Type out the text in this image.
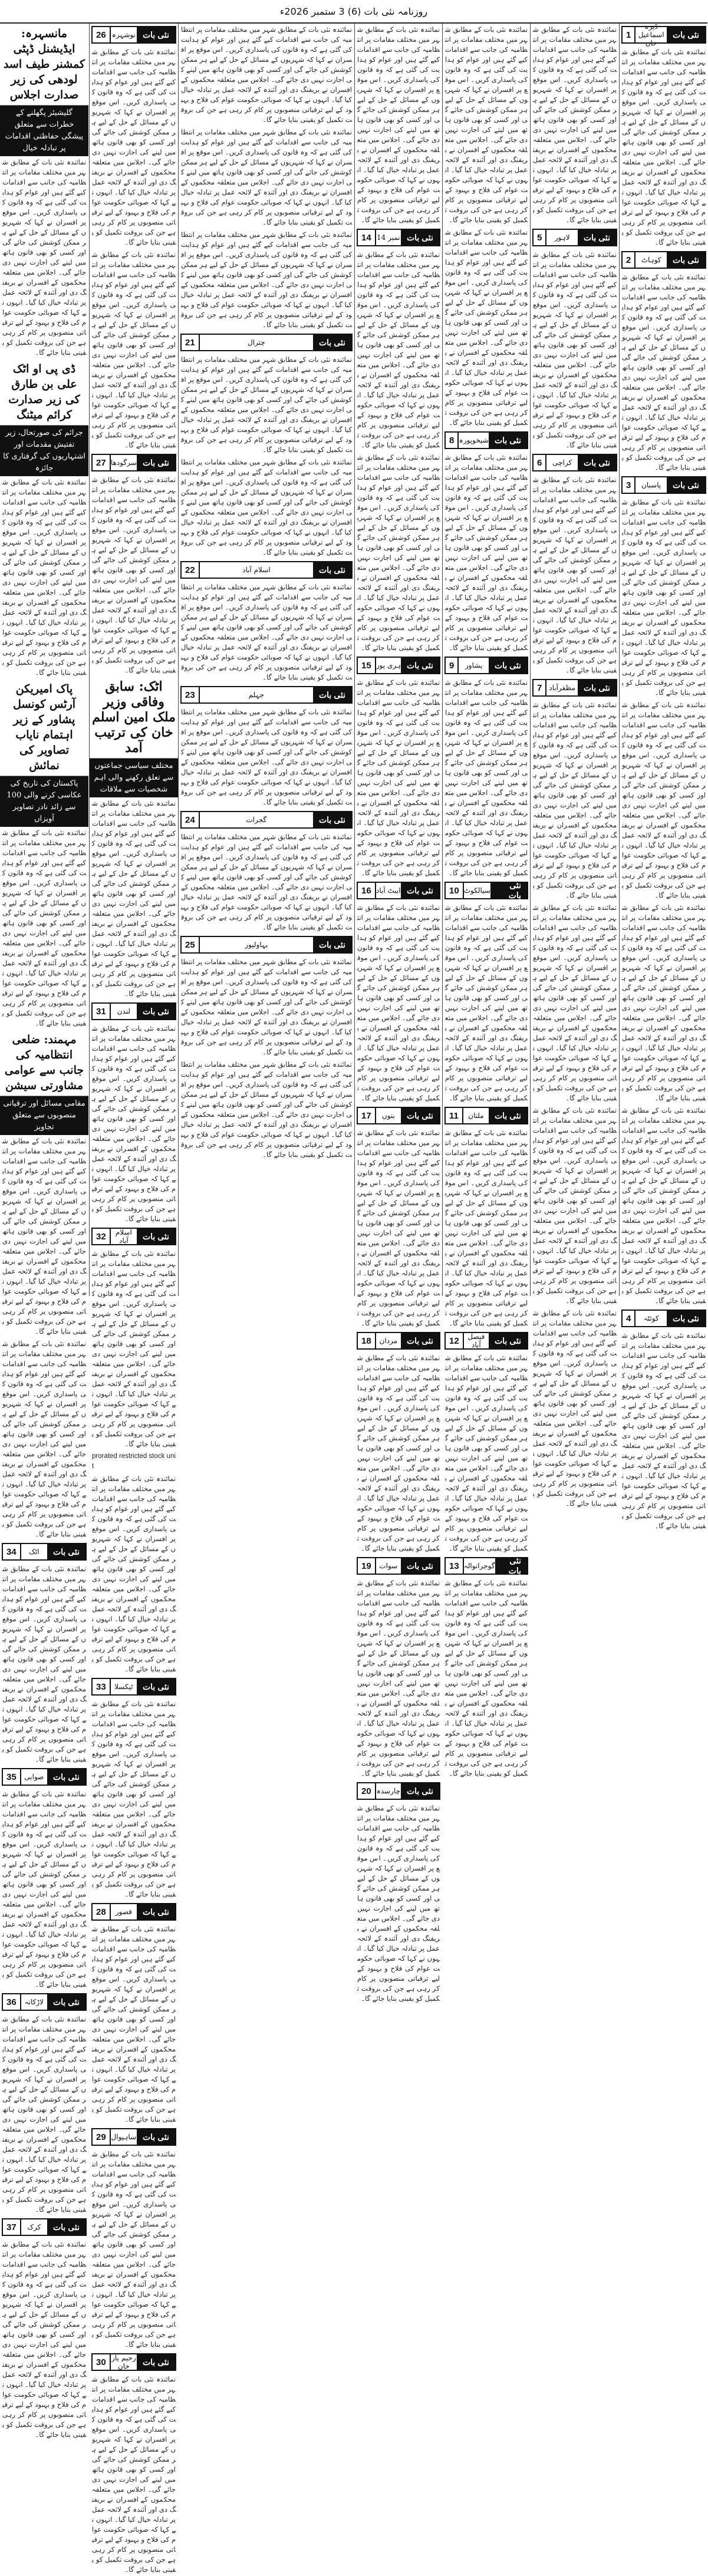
روزنامہ نئی بات (6) 3 ستمبر 2026ء
مانسہرہ: ایڈیشنل ڈپٹی کمشنر طیف اسد لودھی کی زیر صدارت اجلاس
گلیشیئر پگھلنے کے خطرات سے متعلق پیشگی حفاظتی اقدامات پر تبادلہ خیال
نمائندہ نئی بات کے مطابق شہر میں مختلف مقامات پر انتظامیہ کی جانب سے اقدامات کیے گئے ہیں اور عوام کو ہدایت کی گئی ہے کہ وہ قانون کی پاسداری کریں۔ اس موقع پر افسران نے کہا کہ شہریوں کے مسائل کے حل کے لیے ہر ممکن کوشش کی جائے گی اور کسی کو بھی قانون ہاتھ میں لینے کی اجازت نہیں دی جائے گی۔ اجلاس میں متعلقہ محکموں کے افسران نے بریفنگ دی اور آئندہ کے لائحہ عمل پر تبادلہ خیال کیا گیا۔ انہوں نے کہا کہ صوبائی حکومت عوام کی فلاح و بہبود کے لیے ترقیاتی منصوبوں پر کام کر رہی ہے جن کی بروقت تکمیل کو یقینی بنایا جائے گا۔
ڈی پی او اٹک علی بن طارق کی زیر صدارت کرائم میٹنگ
جرائم کی صورتحال، زیر تفتیش مقدمات اور اشتہاریوں کی گرفتاری کا جائزہ
نمائندہ نئی بات کے مطابق شہر میں مختلف مقامات پر انتظامیہ کی جانب سے اقدامات کیے گئے ہیں اور عوام کو ہدایت کی گئی ہے کہ وہ قانون کی پاسداری کریں۔ اس موقع پر افسران نے کہا کہ شہریوں کے مسائل کے حل کے لیے ہر ممکن کوشش کی جائے گی اور کسی کو بھی قانون ہاتھ میں لینے کی اجازت نہیں دی جائے گی۔ اجلاس میں متعلقہ محکموں کے افسران نے بریفنگ دی اور آئندہ کے لائحہ عمل پر تبادلہ خیال کیا گیا۔ انہوں نے کہا کہ صوبائی حکومت عوام کی فلاح و بہبود کے لیے ترقیاتی منصوبوں پر کام کر رہی ہے جن کی بروقت تکمیل کو یقینی بنایا جائے گا۔
پاک امیریکن آرٹس کونسل پشاور کے زیر اہتمام نایاب تصاویر کی نمائش
پاکستان کی تاریخ کی عکاسی کرنے والی 100 سے زائد نادر تصاویر آویزاں
نمائندہ نئی بات کے مطابق شہر میں مختلف مقامات پر انتظامیہ کی جانب سے اقدامات کیے گئے ہیں اور عوام کو ہدایت کی گئی ہے کہ وہ قانون کی پاسداری کریں۔ اس موقع پر افسران نے کہا کہ شہریوں کے مسائل کے حل کے لیے ہر ممکن کوشش کی جائے گی اور کسی کو بھی قانون ہاتھ میں لینے کی اجازت نہیں دی جائے گی۔ اجلاس میں متعلقہ محکموں کے افسران نے بریفنگ دی اور آئندہ کے لائحہ عمل پر تبادلہ خیال کیا گیا۔ انہوں نے کہا کہ صوبائی حکومت عوام کی فلاح و بہبود کے لیے ترقیاتی منصوبوں پر کام کر رہی ہے جن کی بروقت تکمیل کو یقینی بنایا جائے گا۔
مہمند: ضلعی انتظامیہ کی جانب سے عوامی مشاورتی سیشن
مقامی مسائل اور ترقیاتی منصوبوں سے متعلق تجاویز
نمائندہ نئی بات کے مطابق شہر میں مختلف مقامات پر انتظامیہ کی جانب سے اقدامات کیے گئے ہیں اور عوام کو ہدایت کی گئی ہے کہ وہ قانون کی پاسداری کریں۔ اس موقع پر افسران نے کہا کہ شہریوں کے مسائل کے حل کے لیے ہر ممکن کوشش کی جائے گی اور کسی کو بھی قانون ہاتھ میں لینے کی اجازت نہیں دی جائے گی۔ اجلاس میں متعلقہ محکموں کے افسران نے بریفنگ دی اور آئندہ کے لائحہ عمل پر تبادلہ خیال کیا گیا۔ انہوں نے کہا کہ صوبائی حکومت عوام کی فلاح و بہبود کے لیے ترقیاتی منصوبوں پر کام کر رہی ہے جن کی بروقت تکمیل کو یقینی بنایا جائے گا۔
نمائندہ نئی بات کے مطابق شہر میں مختلف مقامات پر انتظامیہ کی جانب سے اقدامات کیے گئے ہیں اور عوام کو ہدایت کی گئی ہے کہ وہ قانون کی پاسداری کریں۔ اس موقع پر افسران نے کہا کہ شہریوں کے مسائل کے حل کے لیے ہر ممکن کوشش کی جائے گی اور کسی کو بھی قانون ہاتھ میں لینے کی اجازت نہیں دی جائے گی۔ اجلاس میں متعلقہ محکموں کے افسران نے بریفنگ دی اور آئندہ کے لائحہ عمل پر تبادلہ خیال کیا گیا۔ انہوں نے کہا کہ صوبائی حکومت عوام کی فلاح و بہبود کے لیے ترقیاتی منصوبوں پر کام کر رہی ہے جن کی بروقت تکمیل کو یقینی بنایا جائے گا۔
نئی بات
اٹک
34
نمائندہ نئی بات کے مطابق شہر میں مختلف مقامات پر انتظامیہ کی جانب سے اقدامات کیے گئے ہیں اور عوام کو ہدایت کی گئی ہے کہ وہ قانون کی پاسداری کریں۔ اس موقع پر افسران نے کہا کہ شہریوں کے مسائل کے حل کے لیے ہر ممکن کوشش کی جائے گی اور کسی کو بھی قانون ہاتھ میں لینے کی اجازت نہیں دی جائے گی۔ اجلاس میں متعلقہ محکموں کے افسران نے بریفنگ دی اور آئندہ کے لائحہ عمل پر تبادلہ خیال کیا گیا۔ انہوں نے کہا کہ صوبائی حکومت عوام کی فلاح و بہبود کے لیے ترقیاتی منصوبوں پر کام کر رہی ہے جن کی بروقت تکمیل کو یقینی بنایا جائے گا۔
نئی بات
صوابی
35
نمائندہ نئی بات کے مطابق شہر میں مختلف مقامات پر انتظامیہ کی جانب سے اقدامات کیے گئے ہیں اور عوام کو ہدایت کی گئی ہے کہ وہ قانون کی پاسداری کریں۔ اس موقع پر افسران نے کہا کہ شہریوں کے مسائل کے حل کے لیے ہر ممکن کوشش کی جائے گی اور کسی کو بھی قانون ہاتھ میں لینے کی اجازت نہیں دی جائے گی۔ اجلاس میں متعلقہ محکموں کے افسران نے بریفنگ دی اور آئندہ کے لائحہ عمل پر تبادلہ خیال کیا گیا۔ انہوں نے کہا کہ صوبائی حکومت عوام کی فلاح و بہبود کے لیے ترقیاتی منصوبوں پر کام کر رہی ہے جن کی بروقت تکمیل کو یقینی بنایا جائے گا۔
نئی بات
لاڑکانہ
36
نمائندہ نئی بات کے مطابق شہر میں مختلف مقامات پر انتظامیہ کی جانب سے اقدامات کیے گئے ہیں اور عوام کو ہدایت کی گئی ہے کہ وہ قانون کی پاسداری کریں۔ اس موقع پر افسران نے کہا کہ شہریوں کے مسائل کے حل کے لیے ہر ممکن کوشش کی جائے گی اور کسی کو بھی قانون ہاتھ میں لینے کی اجازت نہیں دی جائے گی۔ اجلاس میں متعلقہ محکموں کے افسران نے بریفنگ دی اور آئندہ کے لائحہ عمل پر تبادلہ خیال کیا گیا۔ انہوں نے کہا کہ صوبائی حکومت عوام کی فلاح و بہبود کے لیے ترقیاتی منصوبوں پر کام کر رہی ہے جن کی بروقت تکمیل کو یقینی بنایا جائے گا۔
نئی بات
کرک
37
نمائندہ نئی بات کے مطابق شہر میں مختلف مقامات پر انتظامیہ کی جانب سے اقدامات کیے گئے ہیں اور عوام کو ہدایت کی گئی ہے کہ وہ قانون کی پاسداری کریں۔ اس موقع پر افسران نے کہا کہ شہریوں کے مسائل کے حل کے لیے ہر ممکن کوشش کی جائے گی اور کسی کو بھی قانون ہاتھ میں لینے کی اجازت نہیں دی جائے گی۔ اجلاس میں متعلقہ محکموں کے افسران نے بریفنگ دی اور آئندہ کے لائحہ عمل پر تبادلہ خیال کیا گیا۔ انہوں نے کہا کہ صوبائی حکومت عوام کی فلاح و بہبود کے لیے ترقیاتی منصوبوں پر کام کر رہی ہے جن کی بروقت تکمیل کو یقینی بنایا جائے گا۔
نئی بات
نوشہرہ
26
نمائندہ نئی بات کے مطابق شہر میں مختلف مقامات پر انتظامیہ کی جانب سے اقدامات کیے گئے ہیں اور عوام کو ہدایت کی گئی ہے کہ وہ قانون کی پاسداری کریں۔ اس موقع پر افسران نے کہا کہ شہریوں کے مسائل کے حل کے لیے ہر ممکن کوشش کی جائے گی اور کسی کو بھی قانون ہاتھ میں لینے کی اجازت نہیں دی جائے گی۔ اجلاس میں متعلقہ محکموں کے افسران نے بریفنگ دی اور آئندہ کے لائحہ عمل پر تبادلہ خیال کیا گیا۔ انہوں نے کہا کہ صوبائی حکومت عوام کی فلاح و بہبود کے لیے ترقیاتی منصوبوں پر کام کر رہی ہے جن کی بروقت تکمیل کو یقینی بنایا جائے گا۔
نمائندہ نئی بات کے مطابق شہر میں مختلف مقامات پر انتظامیہ کی جانب سے اقدامات کیے گئے ہیں اور عوام کو ہدایت کی گئی ہے کہ وہ قانون کی پاسداری کریں۔ اس موقع پر افسران نے کہا کہ شہریوں کے مسائل کے حل کے لیے ہر ممکن کوشش کی جائے گی اور کسی کو بھی قانون ہاتھ میں لینے کی اجازت نہیں دی جائے گی۔ اجلاس میں متعلقہ محکموں کے افسران نے بریفنگ دی اور آئندہ کے لائحہ عمل پر تبادلہ خیال کیا گیا۔ انہوں نے کہا کہ صوبائی حکومت عوام کی فلاح و بہبود کے لیے ترقیاتی منصوبوں پر کام کر رہی ہے جن کی بروقت تکمیل کو یقینی بنایا جائے گا۔
نئی بات
سرگودھا
27
نمائندہ نئی بات کے مطابق شہر میں مختلف مقامات پر انتظامیہ کی جانب سے اقدامات کیے گئے ہیں اور عوام کو ہدایت کی گئی ہے کہ وہ قانون کی پاسداری کریں۔ اس موقع پر افسران نے کہا کہ شہریوں کے مسائل کے حل کے لیے ہر ممکن کوشش کی جائے گی اور کسی کو بھی قانون ہاتھ میں لینے کی اجازت نہیں دی جائے گی۔ اجلاس میں متعلقہ محکموں کے افسران نے بریفنگ دی اور آئندہ کے لائحہ عمل پر تبادلہ خیال کیا گیا۔ انہوں نے کہا کہ صوبائی حکومت عوام کی فلاح و بہبود کے لیے ترقیاتی منصوبوں پر کام کر رہی ہے جن کی بروقت تکمیل کو یقینی بنایا جائے گا۔
اٹک: سابق وفاقی وزیر ملک امین اسلم خان کی ترتیب آمد
مختلف سیاسی جماعتوں سے تعلق رکھنے والی اہم شخصیات سے ملاقات
نمائندہ نئی بات کے مطابق شہر میں مختلف مقامات پر انتظامیہ کی جانب سے اقدامات کیے گئے ہیں اور عوام کو ہدایت کی گئی ہے کہ وہ قانون کی پاسداری کریں۔ اس موقع پر افسران نے کہا کہ شہریوں کے مسائل کے حل کے لیے ہر ممکن کوشش کی جائے گی اور کسی کو بھی قانون ہاتھ میں لینے کی اجازت نہیں دی جائے گی۔ اجلاس میں متعلقہ محکموں کے افسران نے بریفنگ دی اور آئندہ کے لائحہ عمل پر تبادلہ خیال کیا گیا۔ انہوں نے کہا کہ صوبائی حکومت عوام کی فلاح و بہبود کے لیے ترقیاتی منصوبوں پر کام کر رہی ہے جن کی بروقت تکمیل کو یقینی بنایا جائے گا۔
نئی بات
لندن
31
نمائندہ نئی بات کے مطابق شہر میں مختلف مقامات پر انتظامیہ کی جانب سے اقدامات کیے گئے ہیں اور عوام کو ہدایت کی گئی ہے کہ وہ قانون کی پاسداری کریں۔ اس موقع پر افسران نے کہا کہ شہریوں کے مسائل کے حل کے لیے ہر ممکن کوشش کی جائے گی اور کسی کو بھی قانون ہاتھ میں لینے کی اجازت نہیں دی جائے گی۔ اجلاس میں متعلقہ محکموں کے افسران نے بریفنگ دی اور آئندہ کے لائحہ عمل پر تبادلہ خیال کیا گیا۔ انہوں نے کہا کہ صوبائی حکومت عوام کی فلاح و بہبود کے لیے ترقیاتی منصوبوں پر کام کر رہی ہے جن کی بروقت تکمیل کو یقینی بنایا جائے گا۔
نئی بات
اسلام آباد
32
نمائندہ نئی بات کے مطابق شہر میں مختلف مقامات پر انتظامیہ کی جانب سے اقدامات کیے گئے ہیں اور عوام کو ہدایت کی گئی ہے کہ وہ قانون کی پاسداری کریں۔ اس موقع پر افسران نے کہا کہ شہریوں کے مسائل کے حل کے لیے ہر ممکن کوشش کی جائے گی اور کسی کو بھی قانون ہاتھ میں لینے کی اجازت نہیں دی جائے گی۔ اجلاس میں متعلقہ محکموں کے افسران نے بریفنگ دی اور آئندہ کے لائحہ عمل پر تبادلہ خیال کیا گیا۔ انہوں نے کہا کہ صوبائی حکومت عوام کی فلاح و بہبود کے لیے ترقیاتی منصوبوں پر کام کر رہی ہے جن کی بروقت تکمیل کو یقینی بنایا جائے گا۔
prorated restricted stock unit
نمائندہ نئی بات کے مطابق شہر میں مختلف مقامات پر انتظامیہ کی جانب سے اقدامات کیے گئے ہیں اور عوام کو ہدایت کی گئی ہے کہ وہ قانون کی پاسداری کریں۔ اس موقع پر افسران نے کہا کہ شہریوں کے مسائل کے حل کے لیے ہر ممکن کوشش کی جائے گی اور کسی کو بھی قانون ہاتھ میں لینے کی اجازت نہیں دی جائے گی۔ اجلاس میں متعلقہ محکموں کے افسران نے بریفنگ دی اور آئندہ کے لائحہ عمل پر تبادلہ خیال کیا گیا۔ انہوں نے کہا کہ صوبائی حکومت عوام کی فلاح و بہبود کے لیے ترقیاتی منصوبوں پر کام کر رہی ہے جن کی بروقت تکمیل کو یقینی بنایا جائے گا۔
نئی بات
ٹیکسلا
33
نمائندہ نئی بات کے مطابق شہر میں مختلف مقامات پر انتظامیہ کی جانب سے اقدامات کیے گئے ہیں اور عوام کو ہدایت کی گئی ہے کہ وہ قانون کی پاسداری کریں۔ اس موقع پر افسران نے کہا کہ شہریوں کے مسائل کے حل کے لیے ہر ممکن کوشش کی جائے گی اور کسی کو بھی قانون ہاتھ میں لینے کی اجازت نہیں دی جائے گی۔ اجلاس میں متعلقہ محکموں کے افسران نے بریفنگ دی اور آئندہ کے لائحہ عمل پر تبادلہ خیال کیا گیا۔ انہوں نے کہا کہ صوبائی حکومت عوام کی فلاح و بہبود کے لیے ترقیاتی منصوبوں پر کام کر رہی ہے جن کی بروقت تکمیل کو یقینی بنایا جائے گا۔
نئی بات
قصور
28
نمائندہ نئی بات کے مطابق شہر میں مختلف مقامات پر انتظامیہ کی جانب سے اقدامات کیے گئے ہیں اور عوام کو ہدایت کی گئی ہے کہ وہ قانون کی پاسداری کریں۔ اس موقع پر افسران نے کہا کہ شہریوں کے مسائل کے حل کے لیے ہر ممکن کوشش کی جائے گی اور کسی کو بھی قانون ہاتھ میں لینے کی اجازت نہیں دی جائے گی۔ اجلاس میں متعلقہ محکموں کے افسران نے بریفنگ دی اور آئندہ کے لائحہ عمل پر تبادلہ خیال کیا گیا۔ انہوں نے کہا کہ صوبائی حکومت عوام کی فلاح و بہبود کے لیے ترقیاتی منصوبوں پر کام کر رہی ہے جن کی بروقت تکمیل کو یقینی بنایا جائے گا۔
نئی بات
ساہیوال
29
نمائندہ نئی بات کے مطابق شہر میں مختلف مقامات پر انتظامیہ کی جانب سے اقدامات کیے گئے ہیں اور عوام کو ہدایت کی گئی ہے کہ وہ قانون کی پاسداری کریں۔ اس موقع پر افسران نے کہا کہ شہریوں کے مسائل کے حل کے لیے ہر ممکن کوشش کی جائے گی اور کسی کو بھی قانون ہاتھ میں لینے کی اجازت نہیں دی جائے گی۔ اجلاس میں متعلقہ محکموں کے افسران نے بریفنگ دی اور آئندہ کے لائحہ عمل پر تبادلہ خیال کیا گیا۔ انہوں نے کہا کہ صوبائی حکومت عوام کی فلاح و بہبود کے لیے ترقیاتی منصوبوں پر کام کر رہی ہے جن کی بروقت تکمیل کو یقینی بنایا جائے گا۔
نئی بات
رحیم یار خان
30
نمائندہ نئی بات کے مطابق شہر میں مختلف مقامات پر انتظامیہ کی جانب سے اقدامات کیے گئے ہیں اور عوام کو ہدایت کی گئی ہے کہ وہ قانون کی پاسداری کریں۔ اس موقع پر افسران نے کہا کہ شہریوں کے مسائل کے حل کے لیے ہر ممکن کوشش کی جائے گی اور کسی کو بھی قانون ہاتھ میں لینے کی اجازت نہیں دی جائے گی۔ اجلاس میں متعلقہ محکموں کے افسران نے بریفنگ دی اور آئندہ کے لائحہ عمل پر تبادلہ خیال کیا گیا۔ انہوں نے کہا کہ صوبائی حکومت عوام کی فلاح و بہبود کے لیے ترقیاتی منصوبوں پر کام کر رہی ہے جن کی بروقت تکمیل کو یقینی بنایا جائے گا۔
نمائندہ نئی بات کے مطابق شہر میں مختلف مقامات پر انتظامیہ کی جانب سے اقدامات کیے گئے ہیں اور عوام کو ہدایت کی گئی ہے کہ وہ قانون کی پاسداری کریں۔ اس موقع پر افسران نے کہا کہ شہریوں کے مسائل کے حل کے لیے ہر ممکن کوشش کی جائے گی اور کسی کو بھی قانون ہاتھ میں لینے کی اجازت نہیں دی جائے گی۔ اجلاس میں متعلقہ محکموں کے افسران نے بریفنگ دی اور آئندہ کے لائحہ عمل پر تبادلہ خیال کیا گیا۔ انہوں نے کہا کہ صوبائی حکومت عوام کی فلاح و بہبود کے لیے ترقیاتی منصوبوں پر کام کر رہی ہے جن کی بروقت تکمیل کو یقینی بنایا جائے گا۔
نمائندہ نئی بات کے مطابق شہر میں مختلف مقامات پر انتظامیہ کی جانب سے اقدامات کیے گئے ہیں اور عوام کو ہدایت کی گئی ہے کہ وہ قانون کی پاسداری کریں۔ اس موقع پر افسران نے کہا کہ شہریوں کے مسائل کے حل کے لیے ہر ممکن کوشش کی جائے گی اور کسی کو بھی قانون ہاتھ میں لینے کی اجازت نہیں دی جائے گی۔ اجلاس میں متعلقہ محکموں کے افسران نے بریفنگ دی اور آئندہ کے لائحہ عمل پر تبادلہ خیال کیا گیا۔ انہوں نے کہا کہ صوبائی حکومت عوام کی فلاح و بہبود کے لیے ترقیاتی منصوبوں پر کام کر رہی ہے جن کی بروقت تکمیل کو یقینی بنایا جائے گا۔
نمائندہ نئی بات کے مطابق شہر میں مختلف مقامات پر انتظامیہ کی جانب سے اقدامات کیے گئے ہیں اور عوام کو ہدایت کی گئی ہے کہ وہ قانون کی پاسداری کریں۔ اس موقع پر افسران نے کہا کہ شہریوں کے مسائل کے حل کے لیے ہر ممکن کوشش کی جائے گی اور کسی کو بھی قانون ہاتھ میں لینے کی اجازت نہیں دی جائے گی۔ اجلاس میں متعلقہ محکموں کے افسران نے بریفنگ دی اور آئندہ کے لائحہ عمل پر تبادلہ خیال کیا گیا۔ انہوں نے کہا کہ صوبائی حکومت عوام کی فلاح و بہبود کے لیے ترقیاتی منصوبوں پر کام کر رہی ہے جن کی بروقت تکمیل کو یقینی بنایا جائے گا۔
نئی بات
چترال
21
نمائندہ نئی بات کے مطابق شہر میں مختلف مقامات پر انتظامیہ کی جانب سے اقدامات کیے گئے ہیں اور عوام کو ہدایت کی گئی ہے کہ وہ قانون کی پاسداری کریں۔ اس موقع پر افسران نے کہا کہ شہریوں کے مسائل کے حل کے لیے ہر ممکن کوشش کی جائے گی اور کسی کو بھی قانون ہاتھ میں لینے کی اجازت نہیں دی جائے گی۔ اجلاس میں متعلقہ محکموں کے افسران نے بریفنگ دی اور آئندہ کے لائحہ عمل پر تبادلہ خیال کیا گیا۔ انہوں نے کہا کہ صوبائی حکومت عوام کی فلاح و بہبود کے لیے ترقیاتی منصوبوں پر کام کر رہی ہے جن کی بروقت تکمیل کو یقینی بنایا جائے گا۔
نمائندہ نئی بات کے مطابق شہر میں مختلف مقامات پر انتظامیہ کی جانب سے اقدامات کیے گئے ہیں اور عوام کو ہدایت کی گئی ہے کہ وہ قانون کی پاسداری کریں۔ اس موقع پر افسران نے کہا کہ شہریوں کے مسائل کے حل کے لیے ہر ممکن کوشش کی جائے گی اور کسی کو بھی قانون ہاتھ میں لینے کی اجازت نہیں دی جائے گی۔ اجلاس میں متعلقہ محکموں کے افسران نے بریفنگ دی اور آئندہ کے لائحہ عمل پر تبادلہ خیال کیا گیا۔ انہوں نے کہا کہ صوبائی حکومت عوام کی فلاح و بہبود کے لیے ترقیاتی منصوبوں پر کام کر رہی ہے جن کی بروقت تکمیل کو یقینی بنایا جائے گا۔
نئی بات
اسلام آباد
22
نمائندہ نئی بات کے مطابق شہر میں مختلف مقامات پر انتظامیہ کی جانب سے اقدامات کیے گئے ہیں اور عوام کو ہدایت کی گئی ہے کہ وہ قانون کی پاسداری کریں۔ اس موقع پر افسران نے کہا کہ شہریوں کے مسائل کے حل کے لیے ہر ممکن کوشش کی جائے گی اور کسی کو بھی قانون ہاتھ میں لینے کی اجازت نہیں دی جائے گی۔ اجلاس میں متعلقہ محکموں کے افسران نے بریفنگ دی اور آئندہ کے لائحہ عمل پر تبادلہ خیال کیا گیا۔ انہوں نے کہا کہ صوبائی حکومت عوام کی فلاح و بہبود کے لیے ترقیاتی منصوبوں پر کام کر رہی ہے جن کی بروقت تکمیل کو یقینی بنایا جائے گا۔
نئی بات
جہلم
23
نمائندہ نئی بات کے مطابق شہر میں مختلف مقامات پر انتظامیہ کی جانب سے اقدامات کیے گئے ہیں اور عوام کو ہدایت کی گئی ہے کہ وہ قانون کی پاسداری کریں۔ اس موقع پر افسران نے کہا کہ شہریوں کے مسائل کے حل کے لیے ہر ممکن کوشش کی جائے گی اور کسی کو بھی قانون ہاتھ میں لینے کی اجازت نہیں دی جائے گی۔ اجلاس میں متعلقہ محکموں کے افسران نے بریفنگ دی اور آئندہ کے لائحہ عمل پر تبادلہ خیال کیا گیا۔ انہوں نے کہا کہ صوبائی حکومت عوام کی فلاح و بہبود کے لیے ترقیاتی منصوبوں پر کام کر رہی ہے جن کی بروقت تکمیل کو یقینی بنایا جائے گا۔
نئی بات
گجرات
24
نمائندہ نئی بات کے مطابق شہر میں مختلف مقامات پر انتظامیہ کی جانب سے اقدامات کیے گئے ہیں اور عوام کو ہدایت کی گئی ہے کہ وہ قانون کی پاسداری کریں۔ اس موقع پر افسران نے کہا کہ شہریوں کے مسائل کے حل کے لیے ہر ممکن کوشش کی جائے گی اور کسی کو بھی قانون ہاتھ میں لینے کی اجازت نہیں دی جائے گی۔ اجلاس میں متعلقہ محکموں کے افسران نے بریفنگ دی اور آئندہ کے لائحہ عمل پر تبادلہ خیال کیا گیا۔ انہوں نے کہا کہ صوبائی حکومت عوام کی فلاح و بہبود کے لیے ترقیاتی منصوبوں پر کام کر رہی ہے جن کی بروقت تکمیل کو یقینی بنایا جائے گا۔
نئی بات
بہاولپور
25
نمائندہ نئی بات کے مطابق شہر میں مختلف مقامات پر انتظامیہ کی جانب سے اقدامات کیے گئے ہیں اور عوام کو ہدایت کی گئی ہے کہ وہ قانون کی پاسداری کریں۔ اس موقع پر افسران نے کہا کہ شہریوں کے مسائل کے حل کے لیے ہر ممکن کوشش کی جائے گی اور کسی کو بھی قانون ہاتھ میں لینے کی اجازت نہیں دی جائے گی۔ اجلاس میں متعلقہ محکموں کے افسران نے بریفنگ دی اور آئندہ کے لائحہ عمل پر تبادلہ خیال کیا گیا۔ انہوں نے کہا کہ صوبائی حکومت عوام کی فلاح و بہبود کے لیے ترقیاتی منصوبوں پر کام کر رہی ہے جن کی بروقت تکمیل کو یقینی بنایا جائے گا۔
نمائندہ نئی بات کے مطابق شہر میں مختلف مقامات پر انتظامیہ کی جانب سے اقدامات کیے گئے ہیں اور عوام کو ہدایت کی گئی ہے کہ وہ قانون کی پاسداری کریں۔ اس موقع پر افسران نے کہا کہ شہریوں کے مسائل کے حل کے لیے ہر ممکن کوشش کی جائے گی اور کسی کو بھی قانون ہاتھ میں لینے کی اجازت نہیں دی جائے گی۔ اجلاس میں متعلقہ محکموں کے افسران نے بریفنگ دی اور آئندہ کے لائحہ عمل پر تبادلہ خیال کیا گیا۔ انہوں نے کہا کہ صوبائی حکومت عوام کی فلاح و بہبود کے لیے ترقیاتی منصوبوں پر کام کر رہی ہے جن کی بروقت تکمیل کو یقینی بنایا جائے گا۔
نمائندہ نئی بات کے مطابق شہر میں مختلف مقامات پر انتظامیہ کی جانب سے اقدامات کیے گئے ہیں اور عوام کو ہدایت کی گئی ہے کہ وہ قانون کی پاسداری کریں۔ اس موقع پر افسران نے کہا کہ شہریوں کے مسائل کے حل کے لیے ہر ممکن کوشش کی جائے گی اور کسی کو بھی قانون ہاتھ میں لینے کی اجازت نہیں دی جائے گی۔ اجلاس میں متعلقہ محکموں کے افسران نے بریفنگ دی اور آئندہ کے لائحہ عمل پر تبادلہ خیال کیا گیا۔ انہوں نے کہا کہ صوبائی حکومت عوام کی فلاح و بہبود کے لیے ترقیاتی منصوبوں پر کام کر رہی ہے جن کی بروقت تکمیل کو یقینی بنایا جائے گا۔
نئی بات
نمبر 14
14
نمائندہ نئی بات کے مطابق شہر میں مختلف مقامات پر انتظامیہ کی جانب سے اقدامات کیے گئے ہیں اور عوام کو ہدایت کی گئی ہے کہ وہ قانون کی پاسداری کریں۔ اس موقع پر افسران نے کہا کہ شہریوں کے مسائل کے حل کے لیے ہر ممکن کوشش کی جائے گی اور کسی کو بھی قانون ہاتھ میں لینے کی اجازت نہیں دی جائے گی۔ اجلاس میں متعلقہ محکموں کے افسران نے بریفنگ دی اور آئندہ کے لائحہ عمل پر تبادلہ خیال کیا گیا۔ انہوں نے کہا کہ صوبائی حکومت عوام کی فلاح و بہبود کے لیے ترقیاتی منصوبوں پر کام کر رہی ہے جن کی بروقت تکمیل کو یقینی بنایا جائے گا۔
نمائندہ نئی بات کے مطابق شہر میں مختلف مقامات پر انتظامیہ کی جانب سے اقدامات کیے گئے ہیں اور عوام کو ہدایت کی گئی ہے کہ وہ قانون کی پاسداری کریں۔ اس موقع پر افسران نے کہا کہ شہریوں کے مسائل کے حل کے لیے ہر ممکن کوشش کی جائے گی اور کسی کو بھی قانون ہاتھ میں لینے کی اجازت نہیں دی جائے گی۔ اجلاس میں متعلقہ محکموں کے افسران نے بریفنگ دی اور آئندہ کے لائحہ عمل پر تبادلہ خیال کیا گیا۔ انہوں نے کہا کہ صوبائی حکومت عوام کی فلاح و بہبود کے لیے ترقیاتی منصوبوں پر کام کر رہی ہے جن کی بروقت تکمیل کو یقینی بنایا جائے گا۔
نئی بات
ہری پور
15
نمائندہ نئی بات کے مطابق شہر میں مختلف مقامات پر انتظامیہ کی جانب سے اقدامات کیے گئے ہیں اور عوام کو ہدایت کی گئی ہے کہ وہ قانون کی پاسداری کریں۔ اس موقع پر افسران نے کہا کہ شہریوں کے مسائل کے حل کے لیے ہر ممکن کوشش کی جائے گی اور کسی کو بھی قانون ہاتھ میں لینے کی اجازت نہیں دی جائے گی۔ اجلاس میں متعلقہ محکموں کے افسران نے بریفنگ دی اور آئندہ کے لائحہ عمل پر تبادلہ خیال کیا گیا۔ انہوں نے کہا کہ صوبائی حکومت عوام کی فلاح و بہبود کے لیے ترقیاتی منصوبوں پر کام کر رہی ہے جن کی بروقت تکمیل کو یقینی بنایا جائے گا۔
نئی بات
ایبٹ آباد
16
نمائندہ نئی بات کے مطابق شہر میں مختلف مقامات پر انتظامیہ کی جانب سے اقدامات کیے گئے ہیں اور عوام کو ہدایت کی گئی ہے کہ وہ قانون کی پاسداری کریں۔ اس موقع پر افسران نے کہا کہ شہریوں کے مسائل کے حل کے لیے ہر ممکن کوشش کی جائے گی اور کسی کو بھی قانون ہاتھ میں لینے کی اجازت نہیں دی جائے گی۔ اجلاس میں متعلقہ محکموں کے افسران نے بریفنگ دی اور آئندہ کے لائحہ عمل پر تبادلہ خیال کیا گیا۔ انہوں نے کہا کہ صوبائی حکومت عوام کی فلاح و بہبود کے لیے ترقیاتی منصوبوں پر کام کر رہی ہے جن کی بروقت تکمیل کو یقینی بنایا جائے گا۔
نئی بات
بنوں
17
نمائندہ نئی بات کے مطابق شہر میں مختلف مقامات پر انتظامیہ کی جانب سے اقدامات کیے گئے ہیں اور عوام کو ہدایت کی گئی ہے کہ وہ قانون کی پاسداری کریں۔ اس موقع پر افسران نے کہا کہ شہریوں کے مسائل کے حل کے لیے ہر ممکن کوشش کی جائے گی اور کسی کو بھی قانون ہاتھ میں لینے کی اجازت نہیں دی جائے گی۔ اجلاس میں متعلقہ محکموں کے افسران نے بریفنگ دی اور آئندہ کے لائحہ عمل پر تبادلہ خیال کیا گیا۔ انہوں نے کہا کہ صوبائی حکومت عوام کی فلاح و بہبود کے لیے ترقیاتی منصوبوں پر کام کر رہی ہے جن کی بروقت تکمیل کو یقینی بنایا جائے گا۔
نئی بات
مردان
18
نمائندہ نئی بات کے مطابق شہر میں مختلف مقامات پر انتظامیہ کی جانب سے اقدامات کیے گئے ہیں اور عوام کو ہدایت کی گئی ہے کہ وہ قانون کی پاسداری کریں۔ اس موقع پر افسران نے کہا کہ شہریوں کے مسائل کے حل کے لیے ہر ممکن کوشش کی جائے گی اور کسی کو بھی قانون ہاتھ میں لینے کی اجازت نہیں دی جائے گی۔ اجلاس میں متعلقہ محکموں کے افسران نے بریفنگ دی اور آئندہ کے لائحہ عمل پر تبادلہ خیال کیا گیا۔ انہوں نے کہا کہ صوبائی حکومت عوام کی فلاح و بہبود کے لیے ترقیاتی منصوبوں پر کام کر رہی ہے جن کی بروقت تکمیل کو یقینی بنایا جائے گا۔
نئی بات
سوات
19
نمائندہ نئی بات کے مطابق شہر میں مختلف مقامات پر انتظامیہ کی جانب سے اقدامات کیے گئے ہیں اور عوام کو ہدایت کی گئی ہے کہ وہ قانون کی پاسداری کریں۔ اس موقع پر افسران نے کہا کہ شہریوں کے مسائل کے حل کے لیے ہر ممکن کوشش کی جائے گی اور کسی کو بھی قانون ہاتھ میں لینے کی اجازت نہیں دی جائے گی۔ اجلاس میں متعلقہ محکموں کے افسران نے بریفنگ دی اور آئندہ کے لائحہ عمل پر تبادلہ خیال کیا گیا۔ انہوں نے کہا کہ صوبائی حکومت عوام کی فلاح و بہبود کے لیے ترقیاتی منصوبوں پر کام کر رہی ہے جن کی بروقت تکمیل کو یقینی بنایا جائے گا۔
نئی بات
چارسدہ
20
نمائندہ نئی بات کے مطابق شہر میں مختلف مقامات پر انتظامیہ کی جانب سے اقدامات کیے گئے ہیں اور عوام کو ہدایت کی گئی ہے کہ وہ قانون کی پاسداری کریں۔ اس موقع پر افسران نے کہا کہ شہریوں کے مسائل کے حل کے لیے ہر ممکن کوشش کی جائے گی اور کسی کو بھی قانون ہاتھ میں لینے کی اجازت نہیں دی جائے گی۔ اجلاس میں متعلقہ محکموں کے افسران نے بریفنگ دی اور آئندہ کے لائحہ عمل پر تبادلہ خیال کیا گیا۔ انہوں نے کہا کہ صوبائی حکومت عوام کی فلاح و بہبود کے لیے ترقیاتی منصوبوں پر کام کر رہی ہے جن کی بروقت تکمیل کو یقینی بنایا جائے گا۔
نمائندہ نئی بات کے مطابق شہر میں مختلف مقامات پر انتظامیہ کی جانب سے اقدامات کیے گئے ہیں اور عوام کو ہدایت کی گئی ہے کہ وہ قانون کی پاسداری کریں۔ اس موقع پر افسران نے کہا کہ شہریوں کے مسائل کے حل کے لیے ہر ممکن کوشش کی جائے گی اور کسی کو بھی قانون ہاتھ میں لینے کی اجازت نہیں دی جائے گی۔ اجلاس میں متعلقہ محکموں کے افسران نے بریفنگ دی اور آئندہ کے لائحہ عمل پر تبادلہ خیال کیا گیا۔ انہوں نے کہا کہ صوبائی حکومت عوام کی فلاح و بہبود کے لیے ترقیاتی منصوبوں پر کام کر رہی ہے جن کی بروقت تکمیل کو یقینی بنایا جائے گا۔
نمائندہ نئی بات کے مطابق شہر میں مختلف مقامات پر انتظامیہ کی جانب سے اقدامات کیے گئے ہیں اور عوام کو ہدایت کی گئی ہے کہ وہ قانون کی پاسداری کریں۔ اس موقع پر افسران نے کہا کہ شہریوں کے مسائل کے حل کے لیے ہر ممکن کوشش کی جائے گی اور کسی کو بھی قانون ہاتھ میں لینے کی اجازت نہیں دی جائے گی۔ اجلاس میں متعلقہ محکموں کے افسران نے بریفنگ دی اور آئندہ کے لائحہ عمل پر تبادلہ خیال کیا گیا۔ انہوں نے کہا کہ صوبائی حکومت عوام کی فلاح و بہبود کے لیے ترقیاتی منصوبوں پر کام کر رہی ہے جن کی بروقت تکمیل کو یقینی بنایا جائے گا۔
نئی بات
شیخوپورہ
8
نمائندہ نئی بات کے مطابق شہر میں مختلف مقامات پر انتظامیہ کی جانب سے اقدامات کیے گئے ہیں اور عوام کو ہدایت کی گئی ہے کہ وہ قانون کی پاسداری کریں۔ اس موقع پر افسران نے کہا کہ شہریوں کے مسائل کے حل کے لیے ہر ممکن کوشش کی جائے گی اور کسی کو بھی قانون ہاتھ میں لینے کی اجازت نہیں دی جائے گی۔ اجلاس میں متعلقہ محکموں کے افسران نے بریفنگ دی اور آئندہ کے لائحہ عمل پر تبادلہ خیال کیا گیا۔ انہوں نے کہا کہ صوبائی حکومت عوام کی فلاح و بہبود کے لیے ترقیاتی منصوبوں پر کام کر رہی ہے جن کی بروقت تکمیل کو یقینی بنایا جائے گا۔
نئی بات
پشاور
9
نمائندہ نئی بات کے مطابق شہر میں مختلف مقامات پر انتظامیہ کی جانب سے اقدامات کیے گئے ہیں اور عوام کو ہدایت کی گئی ہے کہ وہ قانون کی پاسداری کریں۔ اس موقع پر افسران نے کہا کہ شہریوں کے مسائل کے حل کے لیے ہر ممکن کوشش کی جائے گی اور کسی کو بھی قانون ہاتھ میں لینے کی اجازت نہیں دی جائے گی۔ اجلاس میں متعلقہ محکموں کے افسران نے بریفنگ دی اور آئندہ کے لائحہ عمل پر تبادلہ خیال کیا گیا۔ انہوں نے کہا کہ صوبائی حکومت عوام کی فلاح و بہبود کے لیے ترقیاتی منصوبوں پر کام کر رہی ہے جن کی بروقت تکمیل کو یقینی بنایا جائے گا۔
نئی بات
سیالکوٹ
10
نمائندہ نئی بات کے مطابق شہر میں مختلف مقامات پر انتظامیہ کی جانب سے اقدامات کیے گئے ہیں اور عوام کو ہدایت کی گئی ہے کہ وہ قانون کی پاسداری کریں۔ اس موقع پر افسران نے کہا کہ شہریوں کے مسائل کے حل کے لیے ہر ممکن کوشش کی جائے گی اور کسی کو بھی قانون ہاتھ میں لینے کی اجازت نہیں دی جائے گی۔ اجلاس میں متعلقہ محکموں کے افسران نے بریفنگ دی اور آئندہ کے لائحہ عمل پر تبادلہ خیال کیا گیا۔ انہوں نے کہا کہ صوبائی حکومت عوام کی فلاح و بہبود کے لیے ترقیاتی منصوبوں پر کام کر رہی ہے جن کی بروقت تکمیل کو یقینی بنایا جائے گا۔
نئی بات
ملتان
11
نمائندہ نئی بات کے مطابق شہر میں مختلف مقامات پر انتظامیہ کی جانب سے اقدامات کیے گئے ہیں اور عوام کو ہدایت کی گئی ہے کہ وہ قانون کی پاسداری کریں۔ اس موقع پر افسران نے کہا کہ شہریوں کے مسائل کے حل کے لیے ہر ممکن کوشش کی جائے گی اور کسی کو بھی قانون ہاتھ میں لینے کی اجازت نہیں دی جائے گی۔ اجلاس میں متعلقہ محکموں کے افسران نے بریفنگ دی اور آئندہ کے لائحہ عمل پر تبادلہ خیال کیا گیا۔ انہوں نے کہا کہ صوبائی حکومت عوام کی فلاح و بہبود کے لیے ترقیاتی منصوبوں پر کام کر رہی ہے جن کی بروقت تکمیل کو یقینی بنایا جائے گا۔
نئی بات
فیصل آباد
12
نمائندہ نئی بات کے مطابق شہر میں مختلف مقامات پر انتظامیہ کی جانب سے اقدامات کیے گئے ہیں اور عوام کو ہدایت کی گئی ہے کہ وہ قانون کی پاسداری کریں۔ اس موقع پر افسران نے کہا کہ شہریوں کے مسائل کے حل کے لیے ہر ممکن کوشش کی جائے گی اور کسی کو بھی قانون ہاتھ میں لینے کی اجازت نہیں دی جائے گی۔ اجلاس میں متعلقہ محکموں کے افسران نے بریفنگ دی اور آئندہ کے لائحہ عمل پر تبادلہ خیال کیا گیا۔ انہوں نے کہا کہ صوبائی حکومت عوام کی فلاح و بہبود کے لیے ترقیاتی منصوبوں پر کام کر رہی ہے جن کی بروقت تکمیل کو یقینی بنایا جائے گا۔
نئی بات
گوجرانوالہ
13
نمائندہ نئی بات کے مطابق شہر میں مختلف مقامات پر انتظامیہ کی جانب سے اقدامات کیے گئے ہیں اور عوام کو ہدایت کی گئی ہے کہ وہ قانون کی پاسداری کریں۔ اس موقع پر افسران نے کہا کہ شہریوں کے مسائل کے حل کے لیے ہر ممکن کوشش کی جائے گی اور کسی کو بھی قانون ہاتھ میں لینے کی اجازت نہیں دی جائے گی۔ اجلاس میں متعلقہ محکموں کے افسران نے بریفنگ دی اور آئندہ کے لائحہ عمل پر تبادلہ خیال کیا گیا۔ انہوں نے کہا کہ صوبائی حکومت عوام کی فلاح و بہبود کے لیے ترقیاتی منصوبوں پر کام کر رہی ہے جن کی بروقت تکمیل کو یقینی بنایا جائے گا۔
نمائندہ نئی بات کے مطابق شہر میں مختلف مقامات پر انتظامیہ کی جانب سے اقدامات کیے گئے ہیں اور عوام کو ہدایت کی گئی ہے کہ وہ قانون کی پاسداری کریں۔ اس موقع پر افسران نے کہا کہ شہریوں کے مسائل کے حل کے لیے ہر ممکن کوشش کی جائے گی اور کسی کو بھی قانون ہاتھ میں لینے کی اجازت نہیں دی جائے گی۔ اجلاس میں متعلقہ محکموں کے افسران نے بریفنگ دی اور آئندہ کے لائحہ عمل پر تبادلہ خیال کیا گیا۔ انہوں نے کہا کہ صوبائی حکومت عوام کی فلاح و بہبود کے لیے ترقیاتی منصوبوں پر کام کر رہی ہے جن کی بروقت تکمیل کو یقینی بنایا جائے گا۔
نئی بات
لاہور
5
نمائندہ نئی بات کے مطابق شہر میں مختلف مقامات پر انتظامیہ کی جانب سے اقدامات کیے گئے ہیں اور عوام کو ہدایت کی گئی ہے کہ وہ قانون کی پاسداری کریں۔ اس موقع پر افسران نے کہا کہ شہریوں کے مسائل کے حل کے لیے ہر ممکن کوشش کی جائے گی اور کسی کو بھی قانون ہاتھ میں لینے کی اجازت نہیں دی جائے گی۔ اجلاس میں متعلقہ محکموں کے افسران نے بریفنگ دی اور آئندہ کے لائحہ عمل پر تبادلہ خیال کیا گیا۔ انہوں نے کہا کہ صوبائی حکومت عوام کی فلاح و بہبود کے لیے ترقیاتی منصوبوں پر کام کر رہی ہے جن کی بروقت تکمیل کو یقینی بنایا جائے گا۔
نئی بات
کراچی
6
نمائندہ نئی بات کے مطابق شہر میں مختلف مقامات پر انتظامیہ کی جانب سے اقدامات کیے گئے ہیں اور عوام کو ہدایت کی گئی ہے کہ وہ قانون کی پاسداری کریں۔ اس موقع پر افسران نے کہا کہ شہریوں کے مسائل کے حل کے لیے ہر ممکن کوشش کی جائے گی اور کسی کو بھی قانون ہاتھ میں لینے کی اجازت نہیں دی جائے گی۔ اجلاس میں متعلقہ محکموں کے افسران نے بریفنگ دی اور آئندہ کے لائحہ عمل پر تبادلہ خیال کیا گیا۔ انہوں نے کہا کہ صوبائی حکومت عوام کی فلاح و بہبود کے لیے ترقیاتی منصوبوں پر کام کر رہی ہے جن کی بروقت تکمیل کو یقینی بنایا جائے گا۔
نئی بات
مظفرآباد
7
نمائندہ نئی بات کے مطابق شہر میں مختلف مقامات پر انتظامیہ کی جانب سے اقدامات کیے گئے ہیں اور عوام کو ہدایت کی گئی ہے کہ وہ قانون کی پاسداری کریں۔ اس موقع پر افسران نے کہا کہ شہریوں کے مسائل کے حل کے لیے ہر ممکن کوشش کی جائے گی اور کسی کو بھی قانون ہاتھ میں لینے کی اجازت نہیں دی جائے گی۔ اجلاس میں متعلقہ محکموں کے افسران نے بریفنگ دی اور آئندہ کے لائحہ عمل پر تبادلہ خیال کیا گیا۔ انہوں نے کہا کہ صوبائی حکومت عوام کی فلاح و بہبود کے لیے ترقیاتی منصوبوں پر کام کر رہی ہے جن کی بروقت تکمیل کو یقینی بنایا جائے گا۔
نمائندہ نئی بات کے مطابق شہر میں مختلف مقامات پر انتظامیہ کی جانب سے اقدامات کیے گئے ہیں اور عوام کو ہدایت کی گئی ہے کہ وہ قانون کی پاسداری کریں۔ اس موقع پر افسران نے کہا کہ شہریوں کے مسائل کے حل کے لیے ہر ممکن کوشش کی جائے گی اور کسی کو بھی قانون ہاتھ میں لینے کی اجازت نہیں دی جائے گی۔ اجلاس میں متعلقہ محکموں کے افسران نے بریفنگ دی اور آئندہ کے لائحہ عمل پر تبادلہ خیال کیا گیا۔ انہوں نے کہا کہ صوبائی حکومت عوام کی فلاح و بہبود کے لیے ترقیاتی منصوبوں پر کام کر رہی ہے جن کی بروقت تکمیل کو یقینی بنایا جائے گا۔
نمائندہ نئی بات کے مطابق شہر میں مختلف مقامات پر انتظامیہ کی جانب سے اقدامات کیے گئے ہیں اور عوام کو ہدایت کی گئی ہے کہ وہ قانون کی پاسداری کریں۔ اس موقع پر افسران نے کہا کہ شہریوں کے مسائل کے حل کے لیے ہر ممکن کوشش کی جائے گی اور کسی کو بھی قانون ہاتھ میں لینے کی اجازت نہیں دی جائے گی۔ اجلاس میں متعلقہ محکموں کے افسران نے بریفنگ دی اور آئندہ کے لائحہ عمل پر تبادلہ خیال کیا گیا۔ انہوں نے کہا کہ صوبائی حکومت عوام کی فلاح و بہبود کے لیے ترقیاتی منصوبوں پر کام کر رہی ہے جن کی بروقت تکمیل کو یقینی بنایا جائے گا۔
نمائندہ نئی بات کے مطابق شہر میں مختلف مقامات پر انتظامیہ کی جانب سے اقدامات کیے گئے ہیں اور عوام کو ہدایت کی گئی ہے کہ وہ قانون کی پاسداری کریں۔ اس موقع پر افسران نے کہا کہ شہریوں کے مسائل کے حل کے لیے ہر ممکن کوشش کی جائے گی اور کسی کو بھی قانون ہاتھ میں لینے کی اجازت نہیں دی جائے گی۔ اجلاس میں متعلقہ محکموں کے افسران نے بریفنگ دی اور آئندہ کے لائحہ عمل پر تبادلہ خیال کیا گیا۔ انہوں نے کہا کہ صوبائی حکومت عوام کی فلاح و بہبود کے لیے ترقیاتی منصوبوں پر کام کر رہی ہے جن کی بروقت تکمیل کو یقینی بنایا جائے گا۔
نئی بات
ڈیرہ اسماعیل خان
1
نمائندہ نئی بات کے مطابق شہر میں مختلف مقامات پر انتظامیہ کی جانب سے اقدامات کیے گئے ہیں اور عوام کو ہدایت کی گئی ہے کہ وہ قانون کی پاسداری کریں۔ اس موقع پر افسران نے کہا کہ شہریوں کے مسائل کے حل کے لیے ہر ممکن کوشش کی جائے گی اور کسی کو بھی قانون ہاتھ میں لینے کی اجازت نہیں دی جائے گی۔ اجلاس میں متعلقہ محکموں کے افسران نے بریفنگ دی اور آئندہ کے لائحہ عمل پر تبادلہ خیال کیا گیا۔ انہوں نے کہا کہ صوبائی حکومت عوام کی فلاح و بہبود کے لیے ترقیاتی منصوبوں پر کام کر رہی ہے جن کی بروقت تکمیل کو یقینی بنایا جائے گا۔
نئی بات
کوہاٹ
2
نمائندہ نئی بات کے مطابق شہر میں مختلف مقامات پر انتظامیہ کی جانب سے اقدامات کیے گئے ہیں اور عوام کو ہدایت کی گئی ہے کہ وہ قانون کی پاسداری کریں۔ اس موقع پر افسران نے کہا کہ شہریوں کے مسائل کے حل کے لیے ہر ممکن کوشش کی جائے گی اور کسی کو بھی قانون ہاتھ میں لینے کی اجازت نہیں دی جائے گی۔ اجلاس میں متعلقہ محکموں کے افسران نے بریفنگ دی اور آئندہ کے لائحہ عمل پر تبادلہ خیال کیا گیا۔ انہوں نے کہا کہ صوبائی حکومت عوام کی فلاح و بہبود کے لیے ترقیاتی منصوبوں پر کام کر رہی ہے جن کی بروقت تکمیل کو یقینی بنایا جائے گا۔
نئی بات
پاسبان
3
نمائندہ نئی بات کے مطابق شہر میں مختلف مقامات پر انتظامیہ کی جانب سے اقدامات کیے گئے ہیں اور عوام کو ہدایت کی گئی ہے کہ وہ قانون کی پاسداری کریں۔ اس موقع پر افسران نے کہا کہ شہریوں کے مسائل کے حل کے لیے ہر ممکن کوشش کی جائے گی اور کسی کو بھی قانون ہاتھ میں لینے کی اجازت نہیں دی جائے گی۔ اجلاس میں متعلقہ محکموں کے افسران نے بریفنگ دی اور آئندہ کے لائحہ عمل پر تبادلہ خیال کیا گیا۔ انہوں نے کہا کہ صوبائی حکومت عوام کی فلاح و بہبود کے لیے ترقیاتی منصوبوں پر کام کر رہی ہے جن کی بروقت تکمیل کو یقینی بنایا جائے گا۔
نمائندہ نئی بات کے مطابق شہر میں مختلف مقامات پر انتظامیہ کی جانب سے اقدامات کیے گئے ہیں اور عوام کو ہدایت کی گئی ہے کہ وہ قانون کی پاسداری کریں۔ اس موقع پر افسران نے کہا کہ شہریوں کے مسائل کے حل کے لیے ہر ممکن کوشش کی جائے گی اور کسی کو بھی قانون ہاتھ میں لینے کی اجازت نہیں دی جائے گی۔ اجلاس میں متعلقہ محکموں کے افسران نے بریفنگ دی اور آئندہ کے لائحہ عمل پر تبادلہ خیال کیا گیا۔ انہوں نے کہا کہ صوبائی حکومت عوام کی فلاح و بہبود کے لیے ترقیاتی منصوبوں پر کام کر رہی ہے جن کی بروقت تکمیل کو یقینی بنایا جائے گا۔
نمائندہ نئی بات کے مطابق شہر میں مختلف مقامات پر انتظامیہ کی جانب سے اقدامات کیے گئے ہیں اور عوام کو ہدایت کی گئی ہے کہ وہ قانون کی پاسداری کریں۔ اس موقع پر افسران نے کہا کہ شہریوں کے مسائل کے حل کے لیے ہر ممکن کوشش کی جائے گی اور کسی کو بھی قانون ہاتھ میں لینے کی اجازت نہیں دی جائے گی۔ اجلاس میں متعلقہ محکموں کے افسران نے بریفنگ دی اور آئندہ کے لائحہ عمل پر تبادلہ خیال کیا گیا۔ انہوں نے کہا کہ صوبائی حکومت عوام کی فلاح و بہبود کے لیے ترقیاتی منصوبوں پر کام کر رہی ہے جن کی بروقت تکمیل کو یقینی بنایا جائے گا۔
نمائندہ نئی بات کے مطابق شہر میں مختلف مقامات پر انتظامیہ کی جانب سے اقدامات کیے گئے ہیں اور عوام کو ہدایت کی گئی ہے کہ وہ قانون کی پاسداری کریں۔ اس موقع پر افسران نے کہا کہ شہریوں کے مسائل کے حل کے لیے ہر ممکن کوشش کی جائے گی اور کسی کو بھی قانون ہاتھ میں لینے کی اجازت نہیں دی جائے گی۔ اجلاس میں متعلقہ محکموں کے افسران نے بریفنگ دی اور آئندہ کے لائحہ عمل پر تبادلہ خیال کیا گیا۔ انہوں نے کہا کہ صوبائی حکومت عوام کی فلاح و بہبود کے لیے ترقیاتی منصوبوں پر کام کر رہی ہے جن کی بروقت تکمیل کو یقینی بنایا جائے گا۔
نئی بات
کوئٹہ
4
نمائندہ نئی بات کے مطابق شہر میں مختلف مقامات پر انتظامیہ کی جانب سے اقدامات کیے گئے ہیں اور عوام کو ہدایت کی گئی ہے کہ وہ قانون کی پاسداری کریں۔ اس موقع پر افسران نے کہا کہ شہریوں کے مسائل کے حل کے لیے ہر ممکن کوشش کی جائے گی اور کسی کو بھی قانون ہاتھ میں لینے کی اجازت نہیں دی جائے گی۔ اجلاس میں متعلقہ محکموں کے افسران نے بریفنگ دی اور آئندہ کے لائحہ عمل پر تبادلہ خیال کیا گیا۔ انہوں نے کہا کہ صوبائی حکومت عوام کی فلاح و بہبود کے لیے ترقیاتی منصوبوں پر کام کر رہی ہے جن کی بروقت تکمیل کو یقینی بنایا جائے گا۔
